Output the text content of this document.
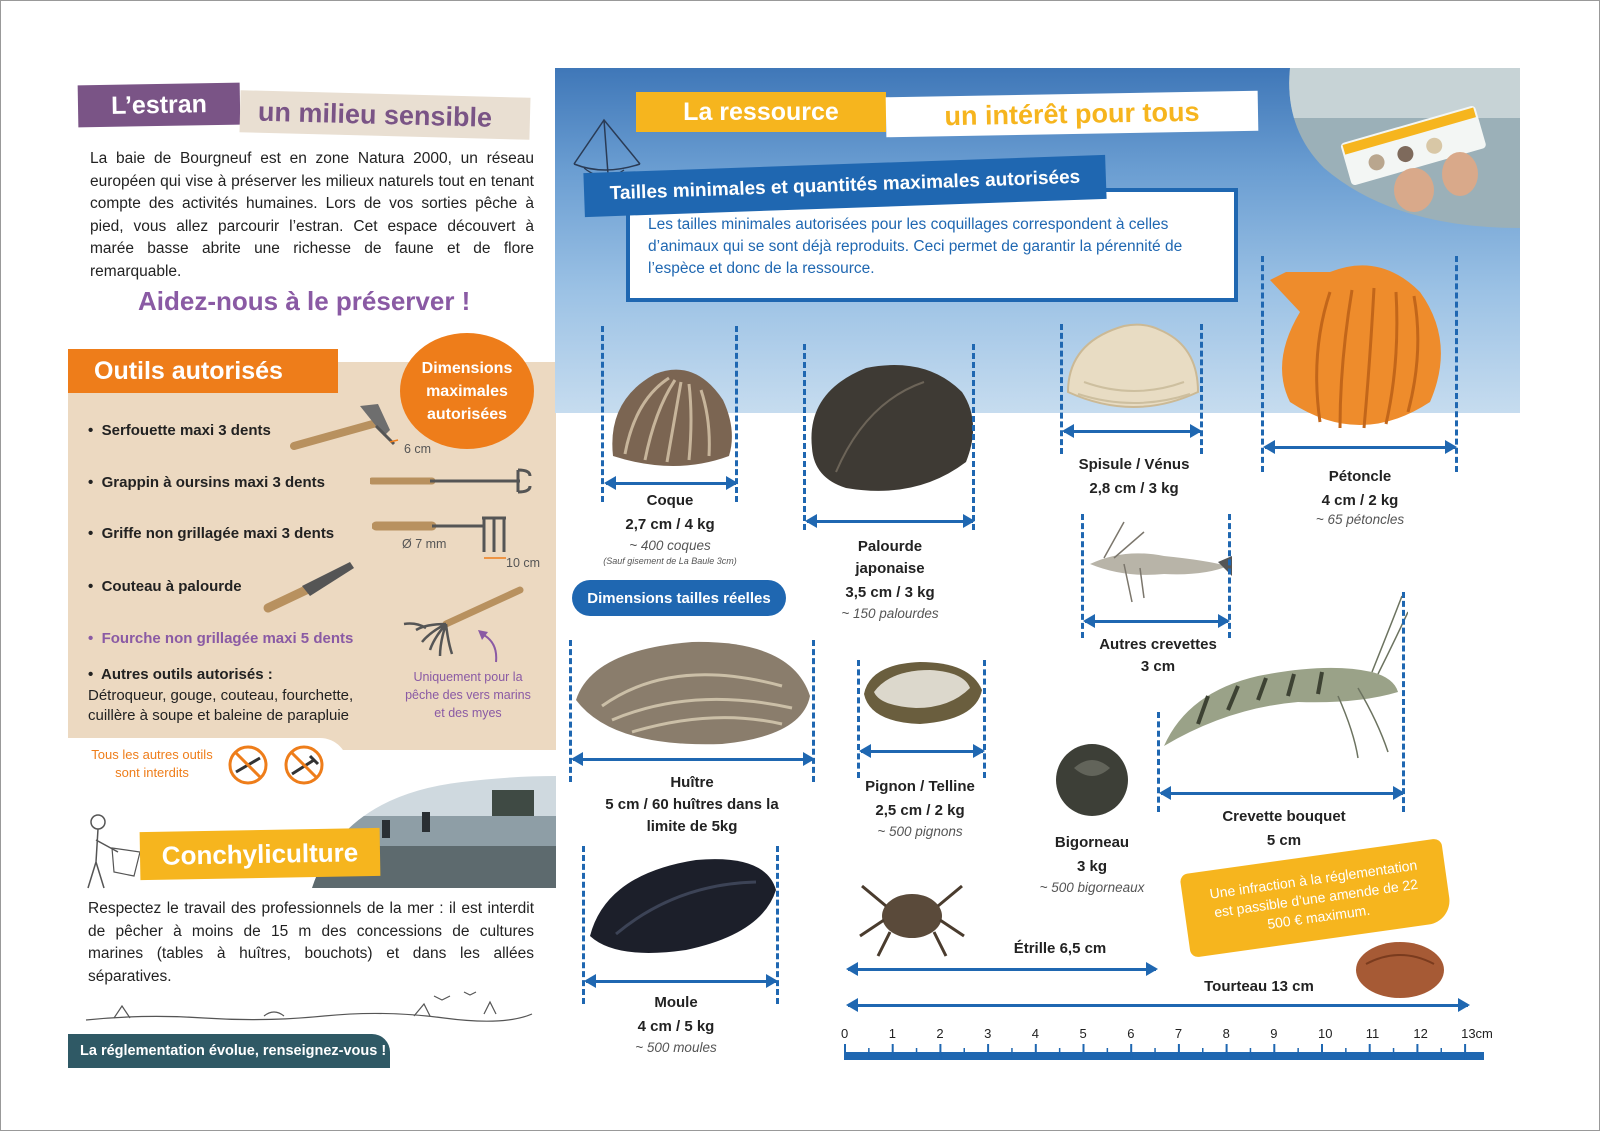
L’estran	un milieu sensible
La baie de Bourgneuf est en zone Natura 2000, un réseau européen qui vise à préserver les milieux naturels tout en tenant compte des activités humaines. Lors de vos sorties pêche à pied, vous allez parcourir l’estran. Cet espace découvert à marée basse abrite une richesse de faune et de flore remarquable.
Aidez-nous à le préserver !
Outils autorisés	Dimensions maximales autorisées
•  Serfouette maxi 3 dents
•  Grappin à oursins maxi 3 dents
•  Griffe non grillagée maxi 3 dents
•  Couteau à palourde
•  Fourche non grillagée maxi 5 dents
•  Autres outils autorisés :
Détroqueur, gouge, couteau, fourchette, cuillère à soupe et baleine de parapluie
6 cm
Ø 7 mm
10 cm
Uniquement pour la pêche des vers marins et des myes
Tous les autres outils sont interdits
Conchyliculture
Respectez le travail des professionnels de la mer : il est interdit de pêcher à moins de 15 m des concessions de cultures marines (tables à huîtres, bouchots) et dans les allées séparatives.
La réglementation évolue, renseignez-vous !
La ressource	un intérêt pour tous
Tailles minimales et quantités maximales autorisées
Les tailles minimales autorisées pour les coquillages correspondent à celles d’animaux qui se sont déjà reproduits. Ceci permet de garantir la pérennité de l’espèce et donc de la ressource.
Coque
2,7 cm / 4 kg
~ 400 coques
(Sauf gisement de La Baule 3cm)
Palourde
japonaise
3,5 cm / 3 kg
~ 150 palourdes
Spisule / Vénus
2,8 cm / 3 kg
Pétoncle
4 cm / 2 kg
~ 65 pétoncles
Autres crevettes
3 cm
Dimensions tailles réelles
Huître
5 cm / 60 huîtres dans la
limite de 5kg
Pignon / Telline
2,5 cm / 2 kg
~ 500 pignons
Bigorneau
3 kg
~ 500 bigorneaux
Crevette bouquet
5 cm
Moule
4 cm / 5 kg
~ 500 moules
Étrille 6,5 cm
Une infraction à la réglementation est passible d’une amende de 22 500 € maximum.
Tourteau 13 cm
0	1	2	3	4	5	6	7	8	9	10	11	12	13cm
